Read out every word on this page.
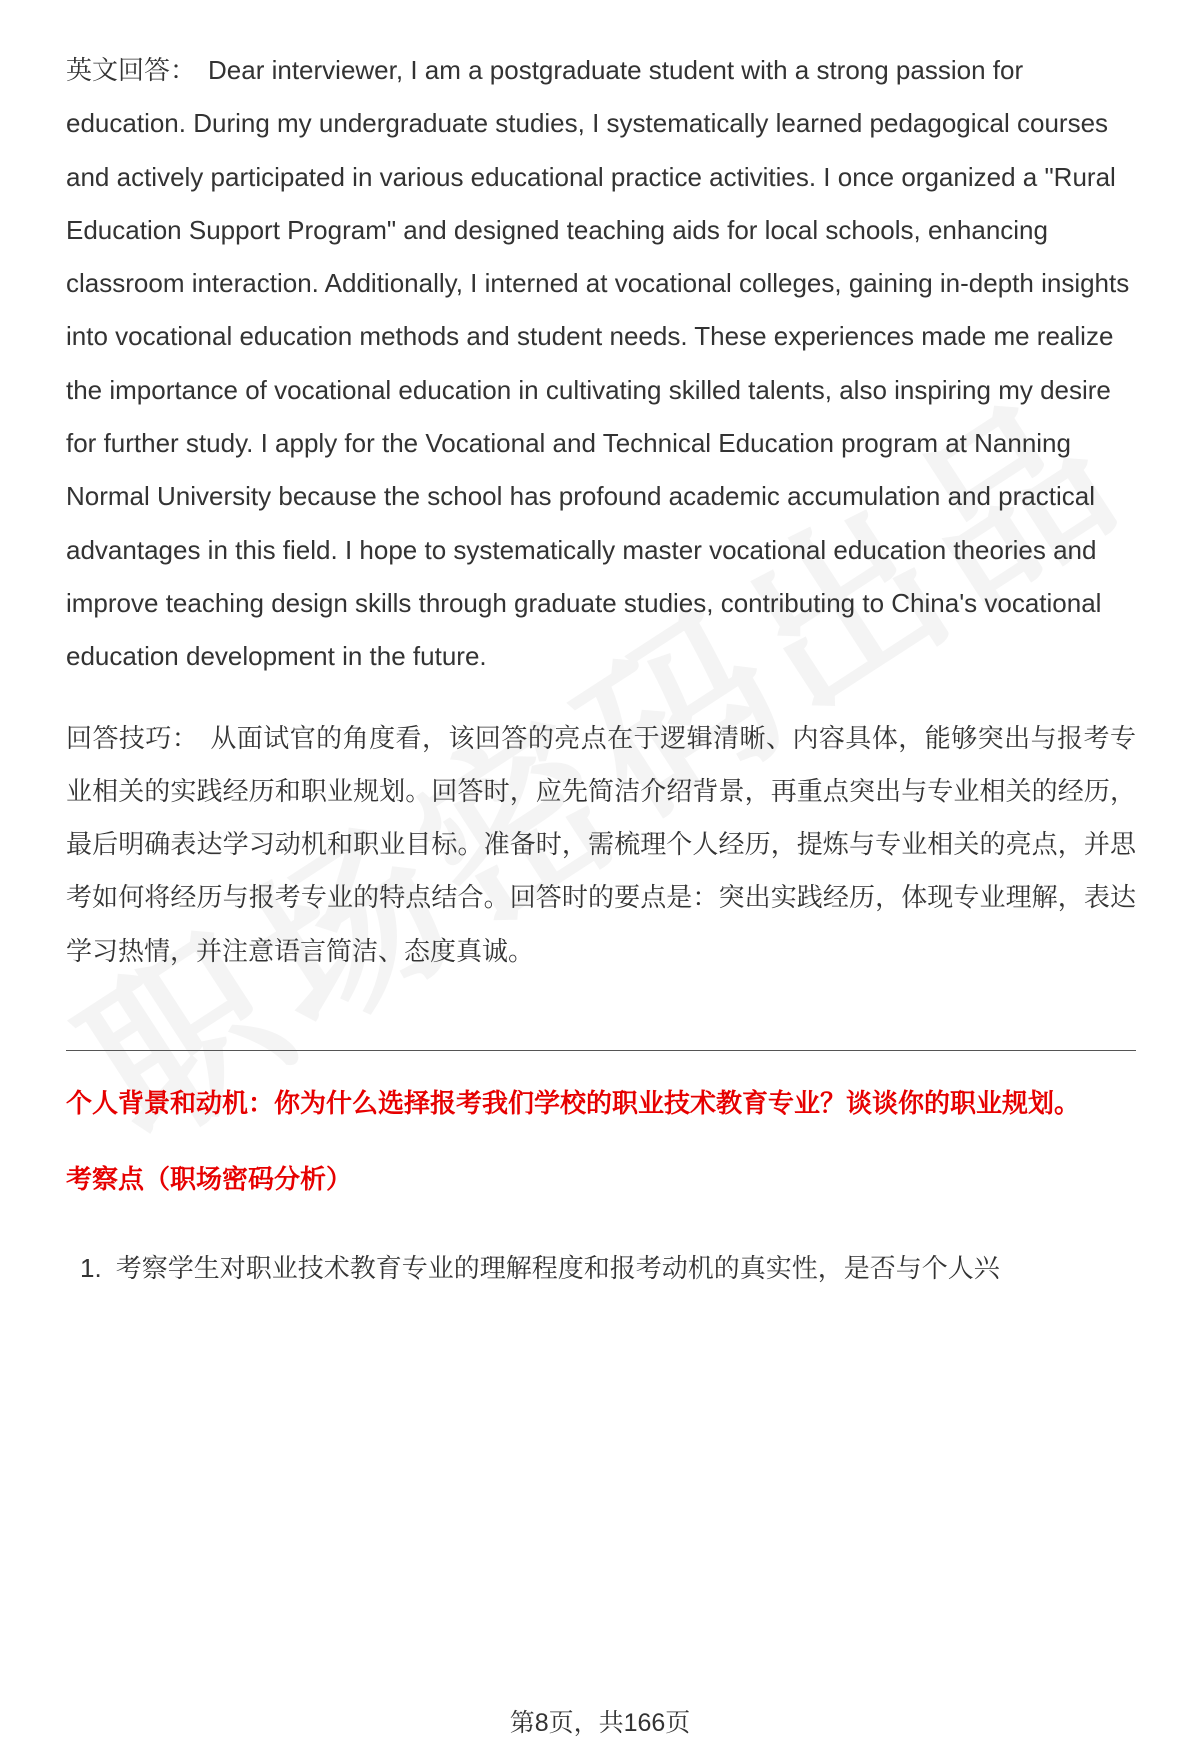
英文回答： Dear interviewer, I am a postgraduate student with a strong passion for education. During my undergraduate studies, I systematically learned pedagogical courses and actively participated in various educational practice activities. I once organized a "Rural Education Support Program" and designed teaching aids for local schools, enhancing classroom interaction. Additionally, I interned at vocational colleges, gaining in-depth insights into vocational education methods and student needs. These experiences made me realize the importance of vocational education in cultivating skilled talents, also inspiring my desire for further study. I apply for the Vocational and Technical Education program at Nanning Normal University because the school has profound academic accumulation and practical advantages in this field. I hope to systematically master vocational education theories and improve teaching design skills through graduate studies, contributing to China's vocational education development in the future.

回答技巧： 从面试官的角度看，该回答的亮点在于逻辑清晰、内容具体，能够突出与报考专业相关的实践经历和职业规划。回答时，应先简洁介绍背景，再重点突出与专业相关的经历，最后明确表达学习动机和职业目标。准备时，需梳理个人经历，提炼与专业相关的亮点，并思考如何将经历与报考专业的特点结合。回答时的要点是：突出实践经历，体现专业理解，表达学习热情，并注意语言简洁、态度真诚。

个人背景和动机：你为什么选择报考我们学校的职业技术教育专业？谈谈你的职业规划。
考察点（职场密码分析）
1. 考察学生对职业技术教育专业的理解程度和报考动机的真实性，是否与个人兴
第8页，共166页
